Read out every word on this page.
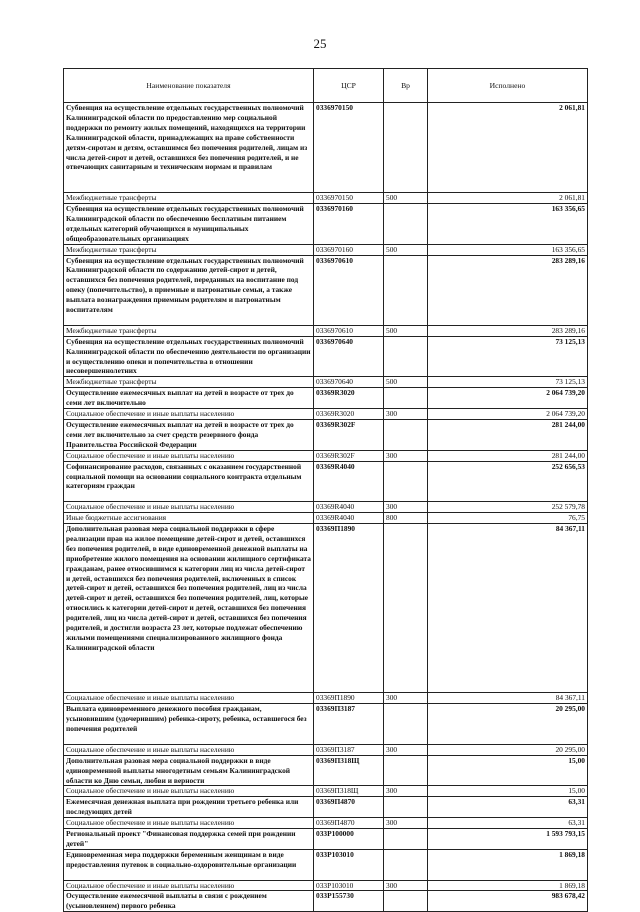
25
Наименование показателя	ЦСР	Вр	Исполнено
Субвенция на осуществление отдельных государственных полномочий Калининградской области по предоставлению мер социальной поддержки по ремонту жилых помещений, находящихся на территории Калининградской области, принадлежащих на праве собственности детям-сиротам и детям, оставшимся без попечения родителей, лицам из числа детей-сирот и детей, оставшихся без попечения родителей, и не отвечающих санитарным и техническим нормам и правилам	0336970150		2 061,81
Межбюджетные трансферты	0336970150	500	2 061,81
Субвенция на осуществление отдельных государственных полномочий Калининградской области по обеспечению бесплатным питанием отдельных категорий обучающихся в муниципальных общеобразовательных организациях	0336970160		163 356,65
Межбюджетные трансферты	0336970160	500	163 356,65
Субвенция на осуществление отдельных государственных полномочий Калининградской области по содержанию детей-сирот и детей, оставшихся без попечения родителей, переданных на воспитание под опеку (попечительство), в приемные и патронатные семьи, а также выплата вознаграждения приемным родителям и патронатным воспитателям	0336970610		283 289,16
Межбюджетные трансферты	0336970610	500	283 289,16
Субвенция на осуществление отдельных государственных полномочий Калининградской области по обеспечению деятельности по организации и осуществлению опеки и попечительства в отношении несовершеннолетних	0336970640		73 125,13
Межбюджетные трансферты	0336970640	500	73 125,13
Осуществление ежемесячных выплат на детей в возрасте от трех до семи лет включительно	03369R3020		2 064 739,20
Социальное обеспечение и иные выплаты населению	03369R3020	300	2 064 739,20
Осуществление ежемесячных выплат на детей в возрасте от трех до семи лет включительно за счет средств резервного фонда Правительства Российской Федерации	03369R302F		281 244,00
Социальное обеспечение и иные выплаты населению	03369R302F	300	281 244,00
Софинансирование расходов, связанных с оказанием государственной социальной помощи на основании социального контракта отдельным категориям граждан	03369R4040		252 656,53
Социальное обеспечение и иные выплаты населению	03369R4040	300	252 579,78
Иные бюджетные ассигнования	03369R4040	800	76,75
Дополнительная разовая мера социальной поддержки в сфере реализации прав на жилое помещение детей-сирот и детей, оставшихся без попечения родителей, в виде единовременной денежной выплаты на приобретение жилого помещения на основании жилищного сертификата гражданам, ранее относившимся к категории лиц из числа детей-сирот и детей, оставшихся без попечения родителей, включенных в список детей-сирот и детей, оставшихся без попечения родителей, лиц из числа детей-сирот и детей, оставшихся без попечения родителей, лиц, которые относились к категории детей-сирот и детей, оставшихся без попечения родителей, лиц из числа детей-сирот и детей, оставшихся без попечения родителей, и достигли возраста 23 лет, которые подлежат обеспечению жилыми помещениями специализированного жилищного фонда Калининградской области	03369П1890		84 367,11
Социальное обеспечение и иные выплаты населению	03369П1890	300	84 367,11
Выплата единовременного денежного пособия гражданам, усыновившим (удочерившим) ребенка-сироту, ребенка, оставшегося без попечения родителей	03369П3187		20 295,00
Социальное обеспечение и иные выплаты населению	03369П3187	300	20 295,00
Дополнительная разовая мера социальной поддержки в виде единовременной выплаты многодетным семьям Калининградской области ко Дню семьи, любви и верности	03369П318Щ		15,00
Социальное обеспечение и иные выплаты населению	03369П318Щ	300	15,00
Ежемесячная денежная выплата при рождении третьего ребенка или последующих детей	03369П4870		63,31
Социальное обеспечение и иные выплаты населению	03369П4870	300	63,31
Региональный проект "Финансовая поддержка семей при рождении детей"	033P100000		1 593 793,15
Единовременная мера поддержки беременным женщинам в виде предоставления путевок в социально-оздоровительные организации	033P103010		1 869,18
Социальное обеспечение и иные выплаты населению	033P103010	300	1 869,18
Осуществление ежемесячной выплаты в связи с рождением (усыновлением) первого ребенка	033P155730		983 678,42
